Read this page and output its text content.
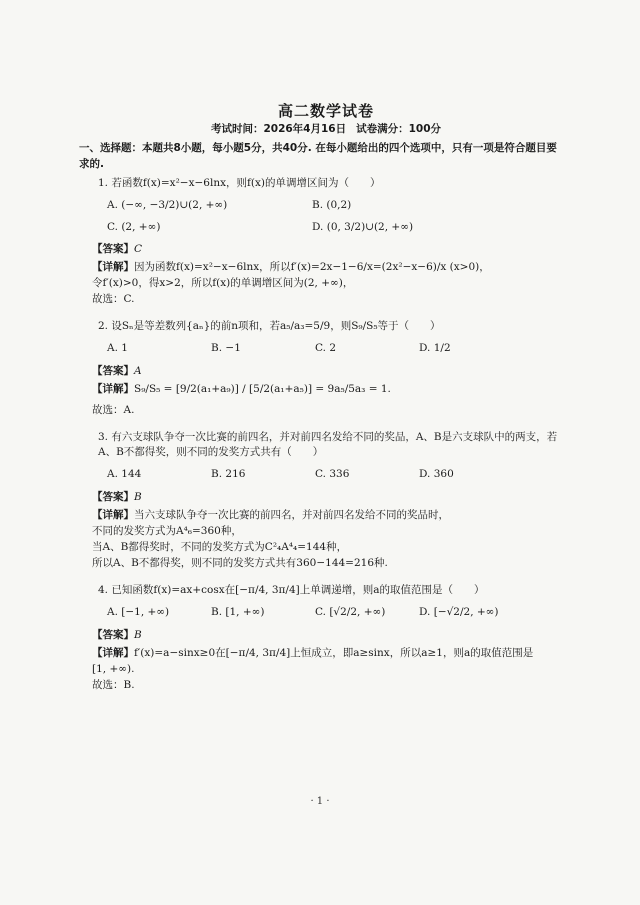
高二数学试卷
考试时间：2026年4月16日 试卷满分：100分
一、选择题：本题共8小题，每小题5分，共40分. 在每小题给出的四个选项中，只有一项是符合题目要求的.
1. 若函数f(x)=x²−x−6lnx，则f(x)的单调增区间为（　　）
A. (−∞, −3/2)∪(2, +∞)	B. (0,2)
C. (2, +∞)	D. (0, 3/2)∪(2, +∞)
【答案】C
【详解】因为函数f(x)=x²−x−6lnx，所以f′(x)=2x−1−6/x=(2x²−x−6)/x (x>0)，
令f′(x)>0，得x>2，所以f(x)的单调增区间为(2, +∞)，
故选：C.
2. 设Sₙ是等差数列{aₙ}的前n项和，若a₅/a₃=5/9，则S₉/S₅等于（　　）
A. 1	B. −1	C. 2	D. 1/2
【答案】A
【详解】S₉/S₅ = [9/2(a₁+a₉)] / [5/2(a₁+a₅)] = 9a₅/5a₃ = 1.
故选：A.
3. 有六支球队争夺一次比赛的前四名，并对前四名发给不同的奖品，A、B是六支球队中的两支，若A、B不都得奖，则不同的发奖方式共有（　　）
A. 144	B. 216	C. 336	D. 360
【答案】B
【详解】当六支球队争夺一次比赛的前四名，并对前四名发给不同的奖品时，
不同的发奖方式为A⁴₆=360种，
当A、B都得奖时，不同的发奖方式为C²₄A⁴₄=144种，
所以A、B不都得奖，则不同的发奖方式共有360−144=216种.
4. 已知函数f(x)=ax+cosx在[−π/4, 3π/4]上单调递增，则a的取值范围是（　　）
A. [−1, +∞)	B. [1, +∞)	C. [√2/2, +∞)	D. [−√2/2, +∞)
【答案】B
【详解】f′(x)=a−sinx≥0在[−π/4, 3π/4]上恒成立，即a≥sinx，所以a≥1，则a的取值范围是
[1, +∞).
故选：B.
· 1 ·
